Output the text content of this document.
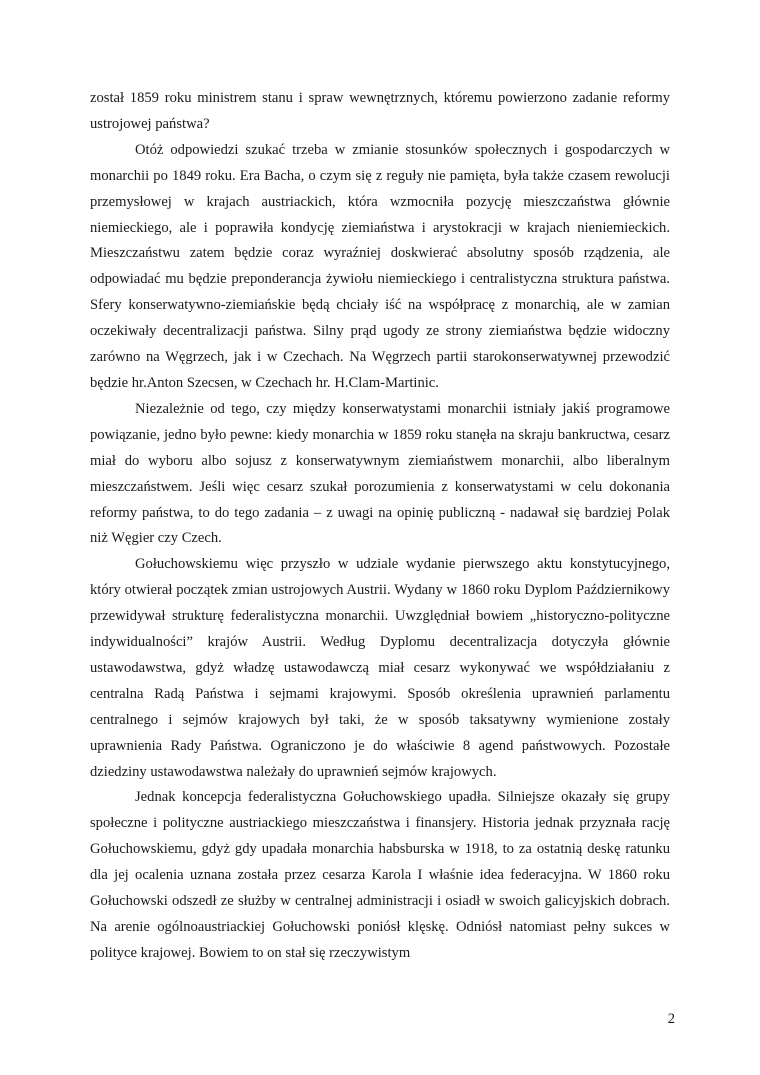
został 1859 roku ministrem stanu i spraw wewnętrznych, któremu powierzono zadanie reformy ustrojowej państwa?

Otóż odpowiedzi szukać trzeba w zmianie stosunków społecznych i gospodarczych w monarchii po 1849 roku. Era Bacha, o czym się z reguły nie pamięta, była także czasem rewolucji przemysłowej w krajach austriackich, która wzmocniła pozycję mieszczaństwa głównie niemieckiego, ale i poprawiła kondycję ziemiaństwa i arystokracji w krajach nieniemieckich. Mieszczaństwu zatem będzie coraz wyraźniej doskwierać absolutny sposób rządzenia, ale odpowiadać mu będzie preponderancja żywiołu niemieckiego i centralistyczna struktura państwa. Sfery konserwatywno-ziemiańskie będą chciały iść na współpracę z monarchią, ale w zamian oczekiwały decentralizacji państwa. Silny prąd ugody ze strony ziemiaństwa będzie widoczny zarówno na Węgrzech, jak i w Czechach. Na Węgrzech partii starokonserwatywnej przewodzić będzie hr.Anton Szecsen, w Czechach hr. H.Clam-Martinic.

Niezależnie od tego, czy między konserwatystami monarchii istniały jakiś programowe powiązanie, jedno było pewne: kiedy monarchia w 1859 roku stanęła na skraju bankructwa, cesarz miał do wyboru albo sojusz z konserwatywnym ziemiaństwem monarchii, albo liberalnym mieszczaństwem. Jeśli więc cesarz szukał porozumienia z konserwatystami w celu dokonania reformy państwa, to do tego zadania – z uwagi na opinię publiczną - nadawał się bardziej Polak niż Węgier czy Czech.

Gołuchowskiemu więc przyszło w udziale wydanie pierwszego aktu konstytucyjnego, który otwierał początek zmian ustrojowych Austrii. Wydany w 1860 roku Dyplom Październikowy przewidywał strukturę federalistyczna monarchii. Uwzględniał bowiem „historyczno-polityczne indywidualności” krajów Austrii. Według Dyplomu decentralizacja dotyczyła głównie ustawodawstwa, gdyż władzę ustawodawczą miał cesarz wykonywać we współdziałaniu z centralna Radą Państwa i sejmami krajowymi. Sposób określenia uprawnień parlamentu centralnego i sejmów krajowych był taki, że w sposób taksatywny wymienione zostały uprawnienia Rady Państwa. Ograniczono je do właściwie 8 agend państwowych. Pozostałe dziedziny ustawodawstwa należały do uprawnień sejmów krajowych.

Jednak koncepcja federalistyczna Gołuchowskiego upadła. Silniejsze okazały się grupy społeczne i polityczne austriackiego mieszczaństwa i finansjery. Historia jednak przyznała rację Gołuchowskiemu, gdyż gdy upadała monarchia habsburska w 1918, to za ostatnią deskę ratunku dla jej ocalenia uznana została przez cesarza Karola I właśnie idea federacyjna. W 1860 roku Gołuchowski odszedł ze służby w centralnej administracji i osiadł w swoich galicyjskich dobrach. Na arenie ogólnoaustriackiej Gołuchowski poniósł klęskę. Odniósł natomiast pełny sukces w polityce krajowej. Bowiem to on stał się rzeczywistym

2
